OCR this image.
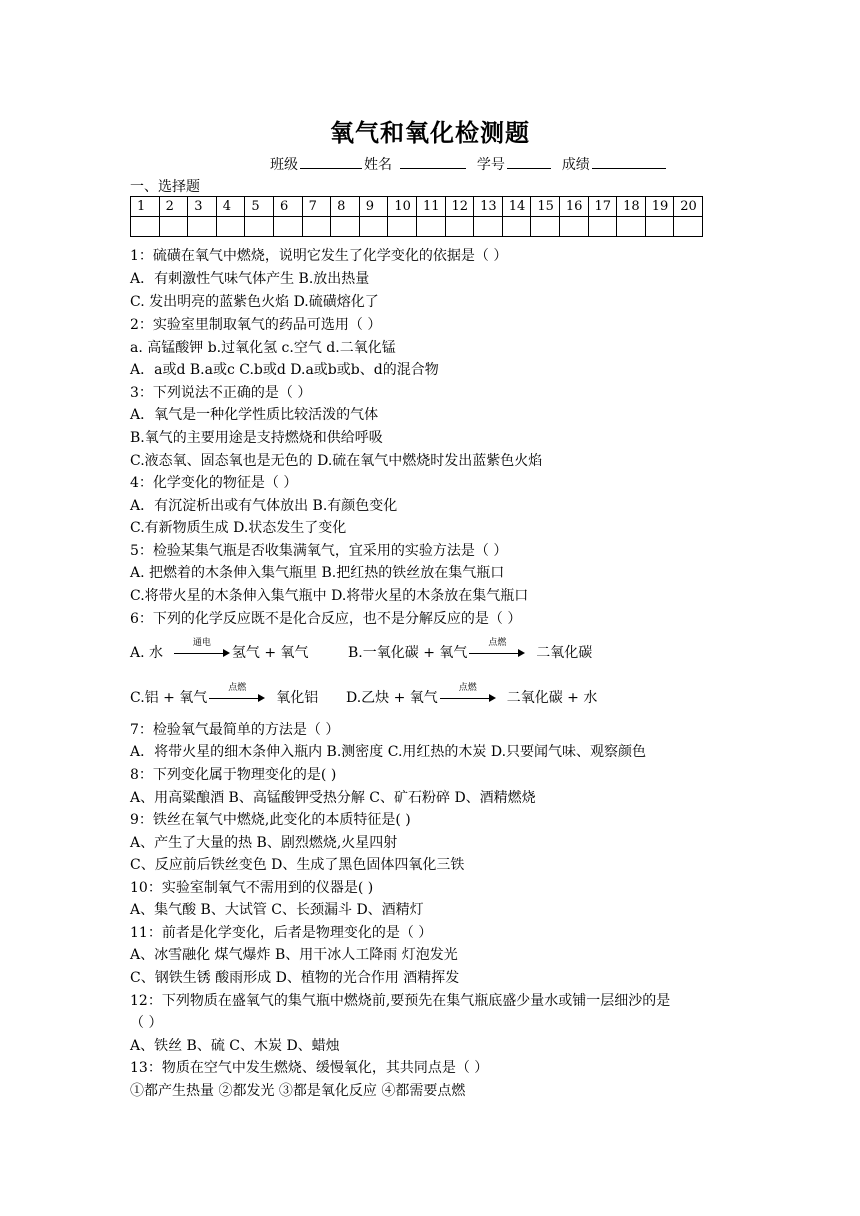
氧气和氧化检测题
班级	姓名	学号	成绩
一、选择题
1	2	3	4	5	6	7	8	9	10	11	12	13	14	15	16	17	18	19	20

1：硫磺在氧气中燃烧，说明它发生了化学变化的依据是（ ）
A．有刺激性气味气体产生 B.放出热量
C. 发出明亮的蓝紫色火焰 D.硫磺熔化了
2：实验室里制取氧气的药品可选用（ ）
a. 高锰酸钾 b.过氧化氢 c.空气 d.二氧化锰
A．a或d B.a或c C.b或d D.a或b或b、d的混合物
3：下列说法不正确的是（ ）
A．氧气是一种化学性质比较活泼的气体
B.氧气的主要用途是支持燃烧和供给呼吸
C.液态氧、固态氧也是无色的 D.硫在氧气中燃烧时发出蓝紫色火焰
4：化学变化的物征是（ ）
A．有沉淀析出或有气体放出 B.有颜色变化
C.有新物质生成 D.状态发生了变化
5：检验某集气瓶是否收集满氧气，宜采用的实验方法是（ ）
A. 把燃着的木条伸入集气瓶里 B.把红热的铁丝放在集气瓶口
C.将带火星的木条伸入集气瓶中 D.将带火星的木条放在集气瓶口
6：下列的化学反应既不是化合反应，也不是分解反应的是（ ）
A. 水
通电
氢气 + 氧气	B.一氧化碳 + 氧气
点燃
二氧化碳
C.铝 + 氧气
点燃
氧化铝 D.乙炔 + 氧气
点燃
二氧化碳 + 水
7：检验氧气最简单的方法是（ ）
A．将带火星的细木条伸入瓶内 B.测密度 C.用红热的木炭 D.只要闻气味、观察颜色
8：下列变化属于物理变化的是( )
A、用高粱酿酒 B、高锰酸钾受热分解 C、矿石粉碎 D、酒精燃烧
9：铁丝在氧气中燃烧,此变化的本质特征是( )
A、产生了大量的热 B、剧烈燃烧,火星四射
C、反应前后铁丝变色 D、生成了黑色固体四氧化三铁
10：实验室制氧气不需用到的仪器是( )
A、集气酸 B、大试管 C、长颈漏斗 D、酒精灯
11：前者是化学变化，后者是物理变化的是（ ）
A、冰雪融化 煤气爆炸 B、用干冰人工降雨 灯泡发光
C、钢铁生锈 酸雨形成 D、植物的光合作用 酒精挥发
12：下列物质在盛氧气的集气瓶中燃烧前,要预先在集气瓶底盛少量水或铺一层细沙的是
（ ）
A、铁丝 B、硫 C、木炭 D、蜡烛
13：物质在空气中发生燃烧、缓慢氧化，其共同点是（ ）
①都产生热量 ②都发光 ③都是氧化反应 ④都需要点燃
